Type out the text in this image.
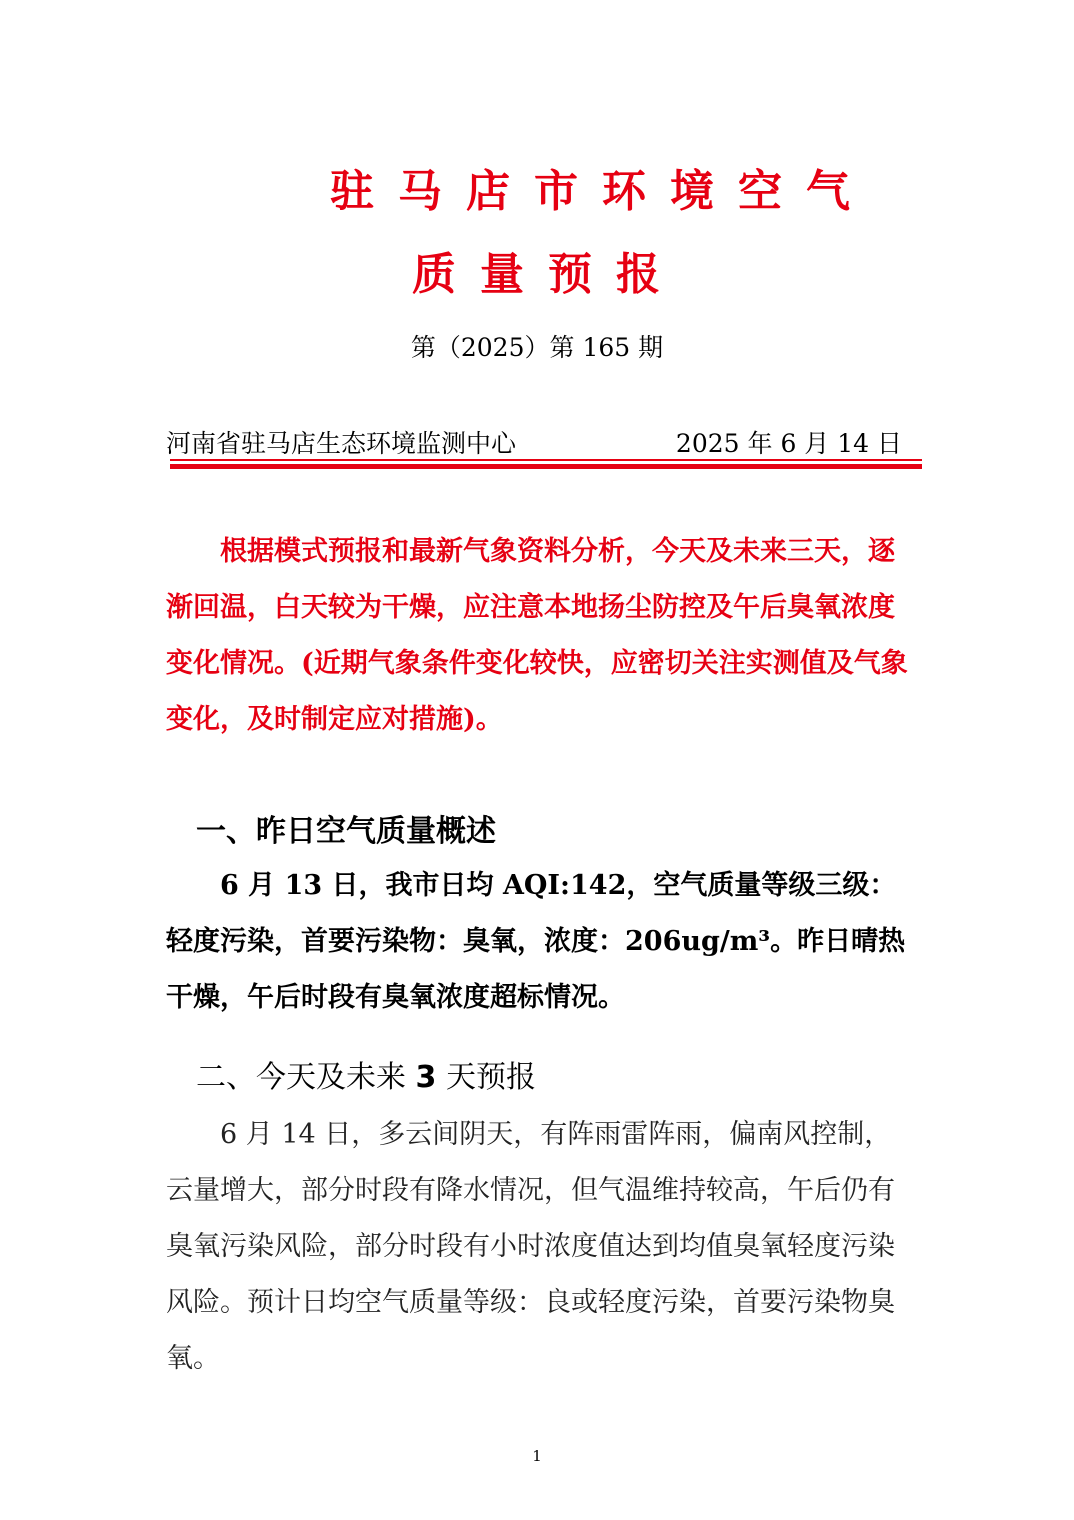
驻马店市环境空气
质量预报
第（2025）第 165 期
河南省驻马店生态环境监测中心	2025 年 6 月 14 日
根据模式预报和最新气象资料分析，今天及未来三天，逐渐回温，白天较为干燥，应注意本地扬尘防控及午后臭氧浓度变化情况。(近期气象条件变化较快，应密切关注实测值及气象变化，及时制定应对措施)。
一、昨日空气质量概述
6 月 13 日，我市日均 AQI:142，空气质量等级三级：轻度污染，首要污染物：臭氧，浓度：206ug/m³。昨日晴热干燥，午后时段有臭氧浓度超标情况。
二、今天及未来 3 天预报
6 月 14 日，多云间阴天，有阵雨雷阵雨，偏南风控制，云量增大，部分时段有降水情况，但气温维持较高，午后仍有臭氧污染风险，部分时段有小时浓度值达到均值臭氧轻度污染风险。预计日均空气质量等级：良或轻度污染，首要污染物臭氧。
1
